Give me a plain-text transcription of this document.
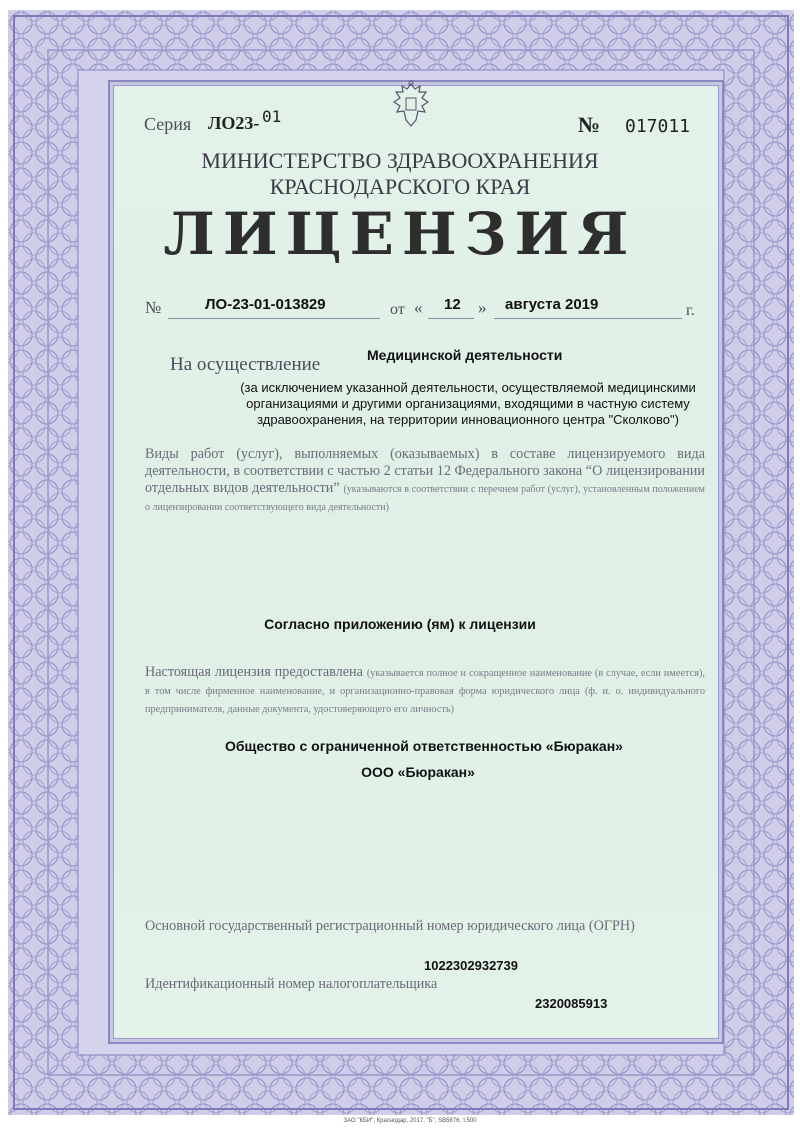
Серия ЛО23- 01	№ 017011
МИНИСТЕРСТВО ЗДРАВООХРАНЕНИЯ
КРАСНОДАРСКОГО КРАЯ
ЛИЦЕНЗИЯ
№	ЛО-23-01-013829	от « 12 » августа 2019	г.
На осуществление	Медицинской деятельности
(за исключением указанной деятельности, осуществляемой медицинскими организациями и другими организациями, входящими в частную систему здравоохранения, на территории инновационного центра "Сколково")
Виды работ (услуг), выполняемых (оказываемых) в составе лицензируемого вида деятельности, в соответствии с частью 2 статьи 12 Федерального закона “О лицензировании отдельных видов деятельности” (указываются в соответствии с перечнем работ (услуг), установленным положением о лицензировании соответствующего вида деятельности)
Согласно приложению (ям) к лицензии
Настоящая лицензия предоставлена (указывается полное и сокращенное наименование (в случае, если имеется), в том числе фирменное наименование, и организационно-правовая форма юридического лица (ф. и. о. индивидуального предпринимателя, данные документа, удостоверяющего его личность)
Общество с ограниченной ответственностью «Бюракан»
ООО «Бюракан»
Основной государственный регистрационный номер юридического лица (ОГРН)
1022302932739
Идентификационный номер налогоплательщика
2320085913
ЗАО "КБИ", Краснодар, 2017, "Б", SB5876, т.500
